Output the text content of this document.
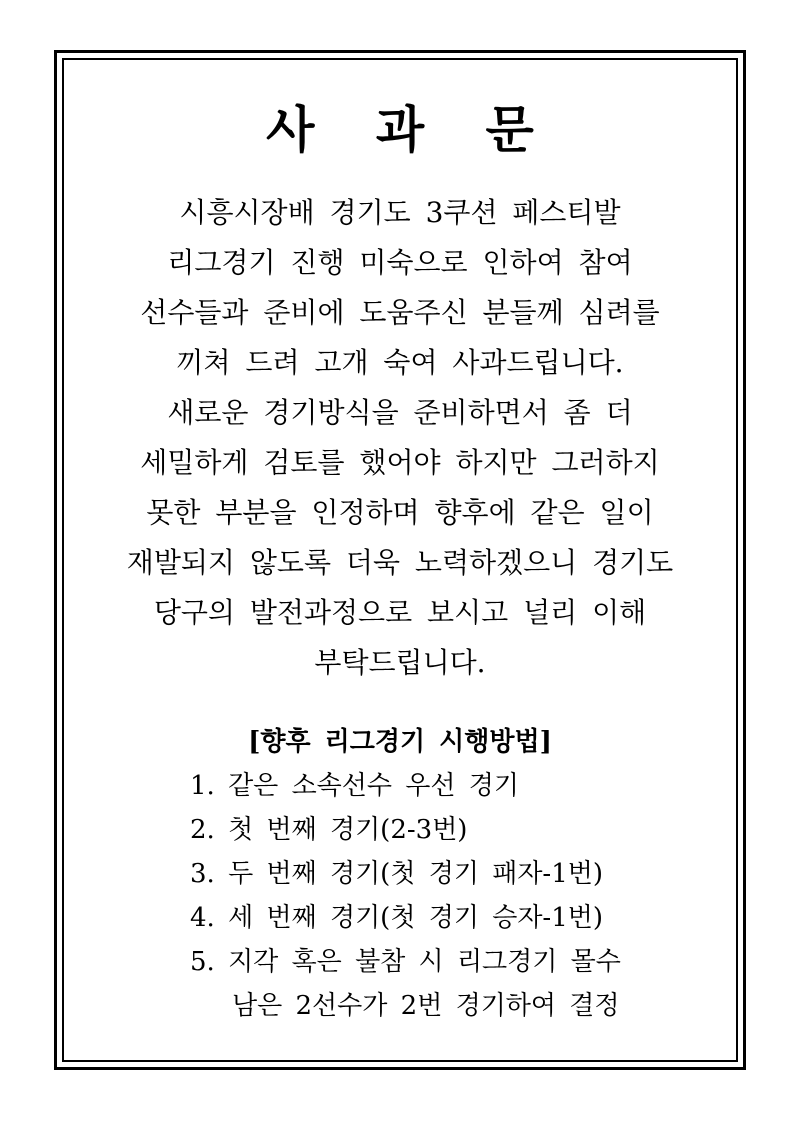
사 과 문
시흥시장배 경기도 3쿠션 페스티발
리그경기 진행 미숙으로 인하여 참여
선수들과 준비에 도움주신 분들께 심려를
끼쳐 드려 고개 숙여 사과드립니다.
새로운 경기방식을 준비하면서 좀 더
세밀하게 검토를 했어야 하지만 그러하지
못한 부분을 인정하며 향후에 같은 일이
재발되지 않도록 더욱 노력하겠으니 경기도
당구의 발전과정으로 보시고 널리 이해
부탁드립니다.
[향후 리그경기 시행방법]
1. 같은 소속선수 우선 경기
2. 첫 번째 경기(2-3번)
3. 두 번째 경기(첫 경기 패자-1번)
4. 세 번째 경기(첫 경기 승자-1번)
5. 지각 혹은 불참 시 리그경기 몰수
남은 2선수가 2번 경기하여 결정
